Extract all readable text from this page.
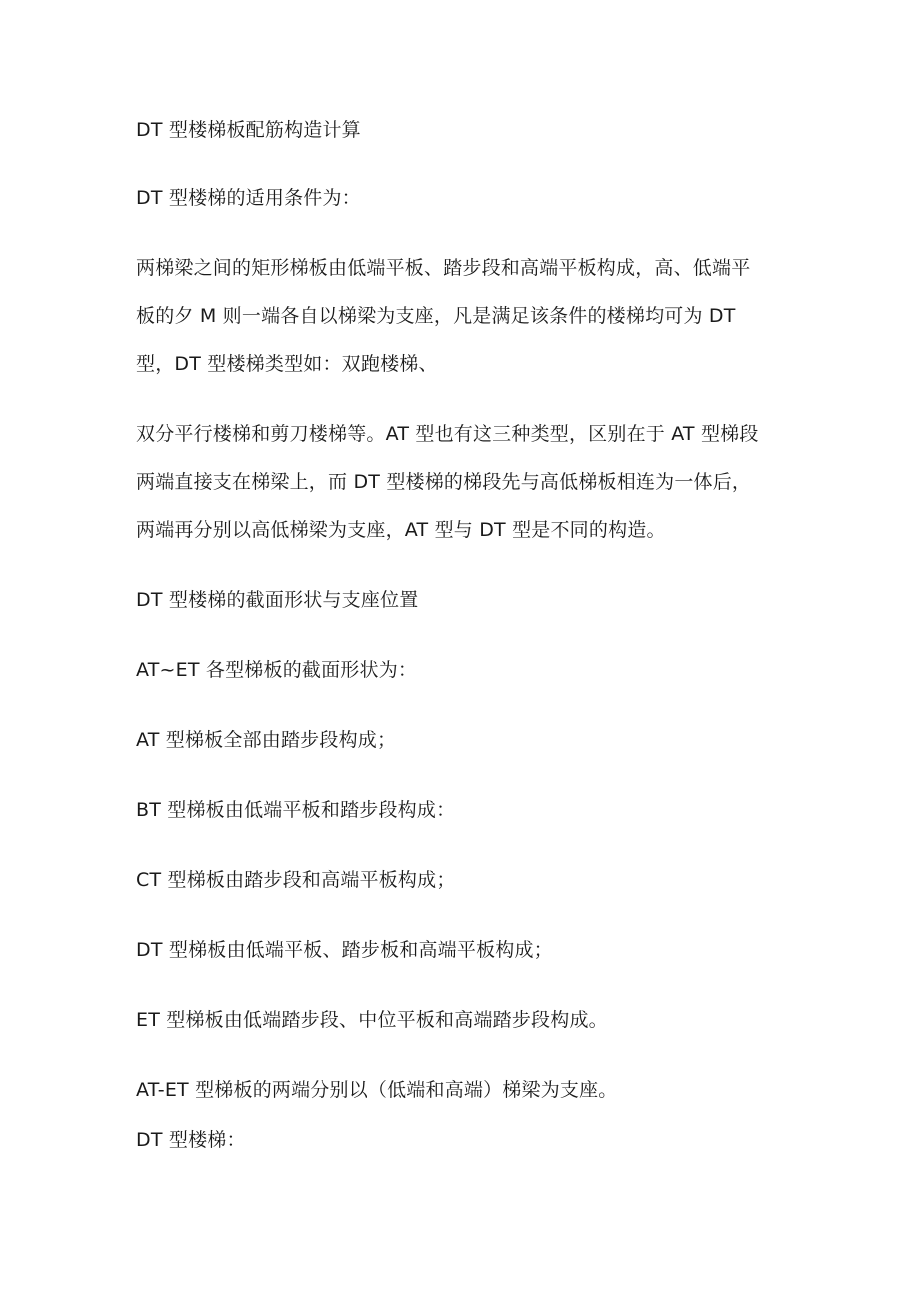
DT 型楼梯板配筋构造计算
DT 型楼梯的适用条件为：
两梯梁之间的矩形梯板由低端平板、踏步段和高端平板构成，高、低端平
板的夕 M 则一端各自以梯梁为支座，凡是满足该条件的楼梯均可为 DT
型，DT 型楼梯类型如：双跑楼梯、
双分平行楼梯和剪刀楼梯等。AT 型也有这三种类型，区别在于 AT 型梯段
两端直接支在梯梁上，而 DT 型楼梯的梯段先与高低梯板相连为一体后，
两端再分别以高低梯梁为支座，AT 型与 DT 型是不同的构造。
DT 型楼梯的截面形状与支座位置
AT~ET 各型梯板的截面形状为：
AT 型梯板全部由踏步段构成；
BT 型梯板由低端平板和踏步段构成：
CT 型梯板由踏步段和高端平板构成；
DT 型梯板由低端平板、踏步板和高端平板构成；
ET 型梯板由低端踏步段、中位平板和高端踏步段构成。
AT-ET 型梯板的两端分别以（低端和高端）梯梁为支座。
DT 型楼梯：
